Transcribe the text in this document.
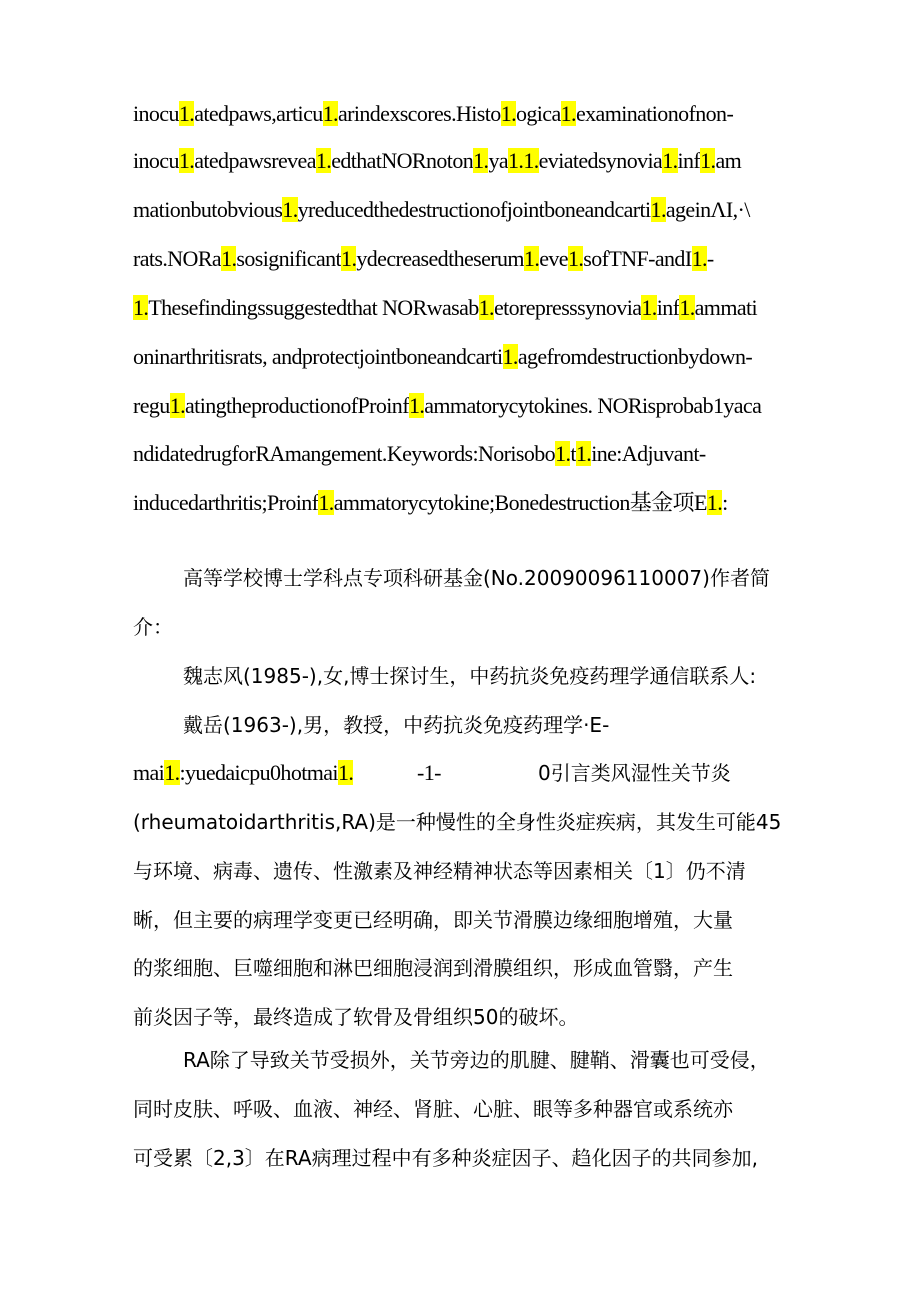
inocu1.atedpaws,articu1.arindexscores.Histo1.ogica1.examinationofnon-
inocu1.atedpawsrevea1.edthatNORnoton1.ya1.1.eviatedsynovia1.inf1.am
mationbutobvious1.yreducedthedestructionofjointboneandcarti1.ageinΛI,·\
rats.NORa1.sosignificant1.ydecreasedtheserum1.eve1.sofTNF-andI1.-
1.Thesefindingssuggestedthat NORwasab1.etorepresssynovia1.inf1.ammati
oninarthritisrats, andprotectjointboneandcarti1.agefromdestructionbydown-
regu1.atingtheproductionofProinf1.ammatorycytokines. NORisprobab1yaca
ndidatedrugforRAmangement.Keywords:Norisobo1.t1.ine:Adjuvant-
inducedarthritis;Proinf1.ammatorycytokine;Bonedestruction基金项E1.:
高等学校博士学科点专项科研基金(No.20090096110007)作者简
介：
魏志风(1985-),女,博士探讨生，中药抗炎免疫药理学通信联系人:
戴岳(1963-),男，教授，中药抗炎免疫药理学·E-
mai1.:yuedaicpu0hotmai1.	-1-	0引言类风湿性关节炎
(rheumatoidarthritis,RA)是一种慢性的全身性炎症疾病，其发生可能45
与环境、病毒、遗传、性激素及神经精神状态等因素相关〔1〕仍不清
晰，但主要的病理学变更已经明确，即关节滑膜边缘细胞增殖，大量
的浆细胞、巨噬细胞和淋巴细胞浸润到滑膜组织，形成血管翳，产生
前炎因子等，最终造成了软骨及骨组织50的破坏。
RA除了导致关节受损外，关节旁边的肌腱、腱鞘、滑囊也可受侵，
同时皮肤、呼吸、血液、神经、肾脏、心脏、眼等多种器官或系统亦
可受累〔2,3〕在RA病理过程中有多种炎症因子、趋化因子的共同参加,
